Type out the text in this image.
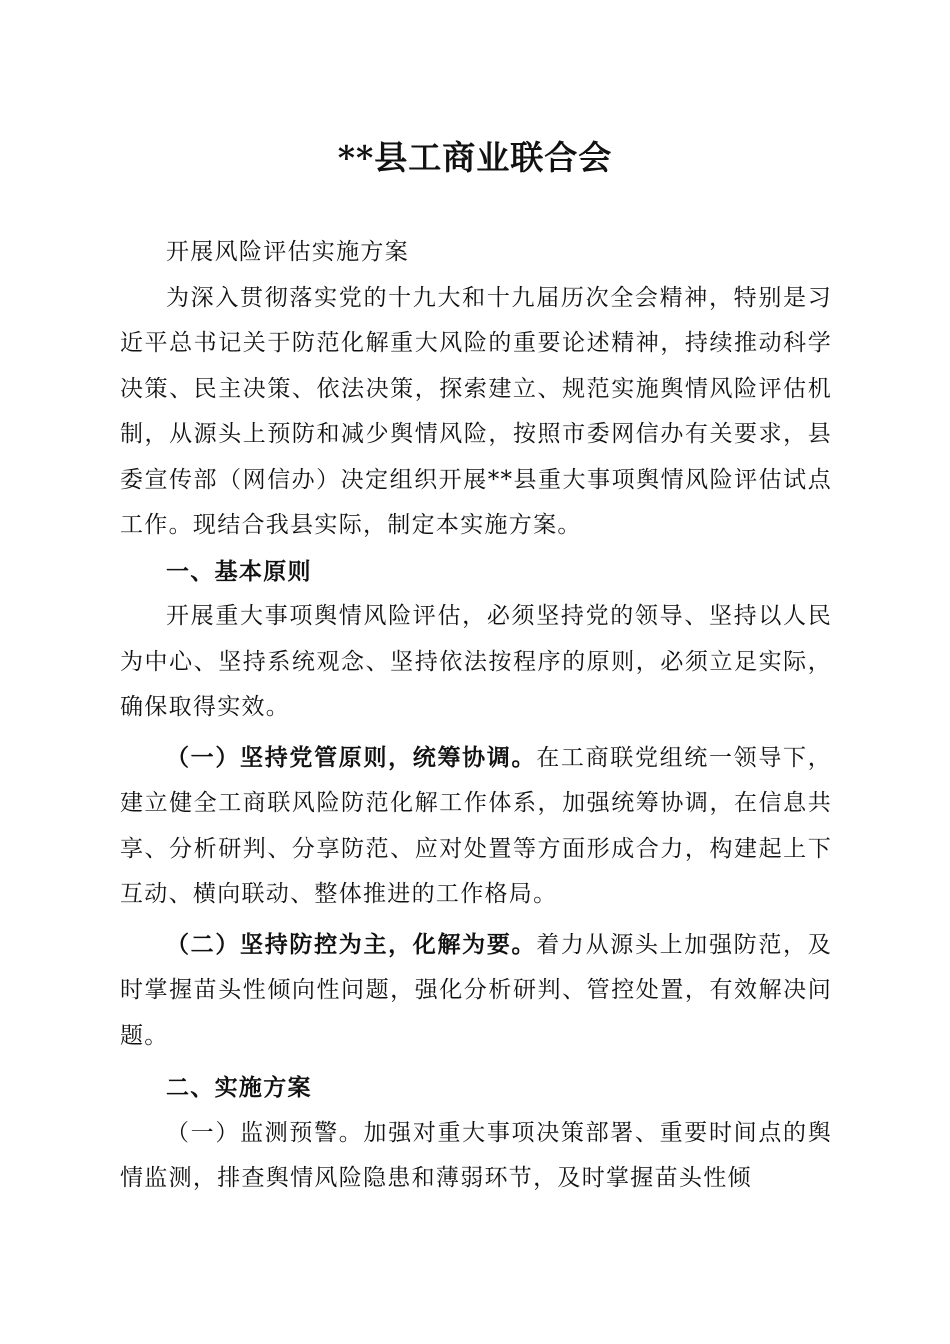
**县工商业联合会

开展风险评估实施方案

为深入贯彻落实党的十九大和十九届历次全会精神，特别是习近平总书记关于防范化解重大风险的重要论述精神，持续推动科学决策、民主决策、依法决策，探索建立、规范实施舆情风险评估机制，从源头上预防和减少舆情风险，按照市委网信办有关要求，县委宣传部（网信办）决定组织开展**县重大事项舆情风险评估试点工作。现结合我县实际，制定本实施方案。

一、基本原则

开展重大事项舆情风险评估，必须坚持党的领导、坚持以人民为中心、坚持系统观念、坚持依法按程序的原则，必须立足实际，确保取得实效。

（一）坚持党管原则，统筹协调。在工商联党组统一领导下，建立健全工商联风险防范化解工作体系，加强统筹协调，在信息共享、分析研判、分享防范、应对处置等方面形成合力，构建起上下互动、横向联动、整体推进的工作格局。

（二）坚持防控为主，化解为要。着力从源头上加强防范，及时掌握苗头性倾向性问题，强化分析研判、管控处置，有效解决问题。

二、实施方案

（一）监测预警。加强对重大事项决策部署、重要时间点的舆情监测，排查舆情风险隐患和薄弱环节，及时掌握苗头性倾
